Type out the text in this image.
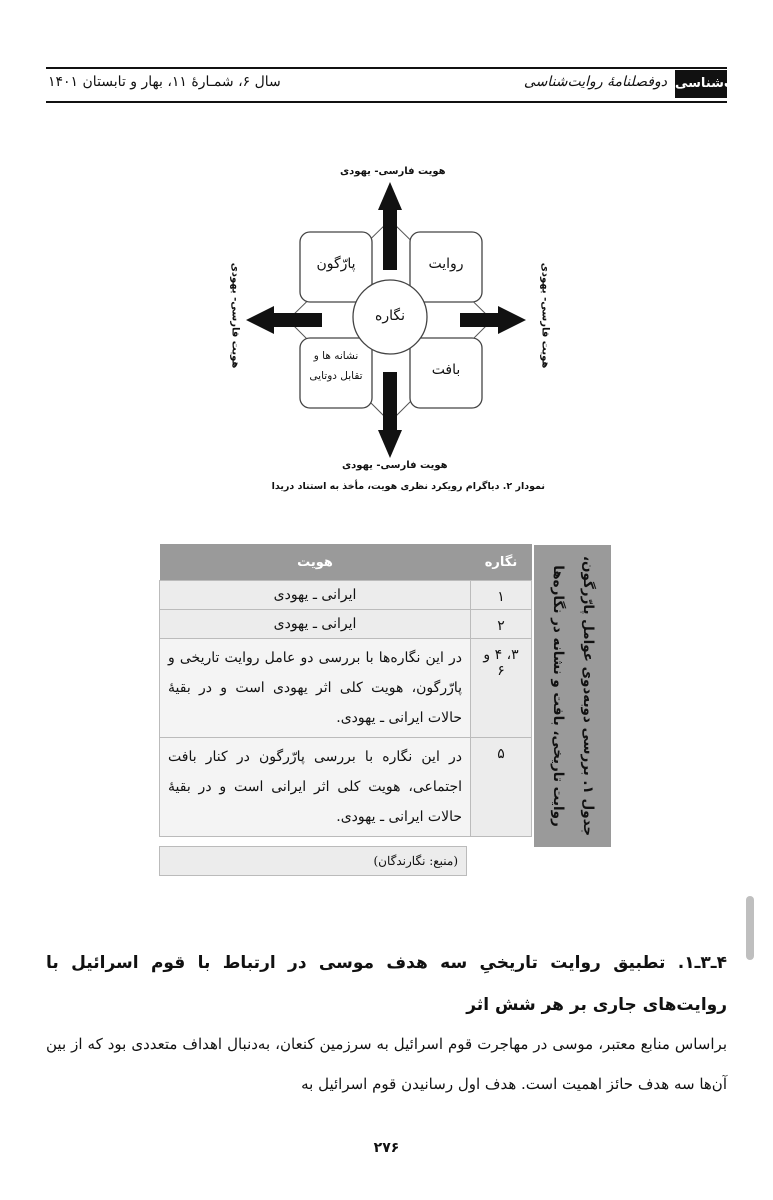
روایت‌شناسی
دوفصلنامهٔ روایت‌شناسی
سال ۶، شمـارهٔ ۱۱، بهار و تابستان ۱۴۰۱
هویت فارسی- یهودی
هویت فارسی- یهودی
هویت فارسی- یهودی	هویت فارسی- یهودی
پارّگون	روایت
نشانه ها و
تقابل دوتایی	بافت
نگاره
نمودار ۲. دیاگرام رویکرد نظری هویت، مأخذ به استناد دریدا
جدول ۱. بررسی دوبه‌دوی عوامل پارّرگون، روایت تاریخی، بافت و نشانه در نگاره‌ها
نگاره	هویت
۱	ایرانی ـ یهودی
۲	ایرانی ـ یهودی
۳، ۴ و ۶	در این نگاره‌ها با بررسی دو عامل روایت تاریخی و پارّرگون، هویت کلی اثر یهودی است و در بقیهٔ حالات ایرانی ـ یهودی.
۵	در این نگاره با بررسی پارّرگون در کنار بافت اجتماعی، هویت کلی اثر ایرانی است و در بقیهٔ حالات ایرانی ـ یهودی.
(منبع: نگارندگان)
۴ـ۳ـ۱. تطبیق روایت تاریخیِ سه هدف موسی در ارتباط با قوم اسرائیل با روایت‌های جاری بر هر شش اثر
براساس منابع معتبر، موسی در مهاجرت قوم اسرائیل به سرزمین کنعان، به‌دنبال اهداف متعددی بود که از بین آن‌ها سه هدف حائز اهمیت است. هدف اول رسانیدن قوم اسرائیل به
۲۷۶
